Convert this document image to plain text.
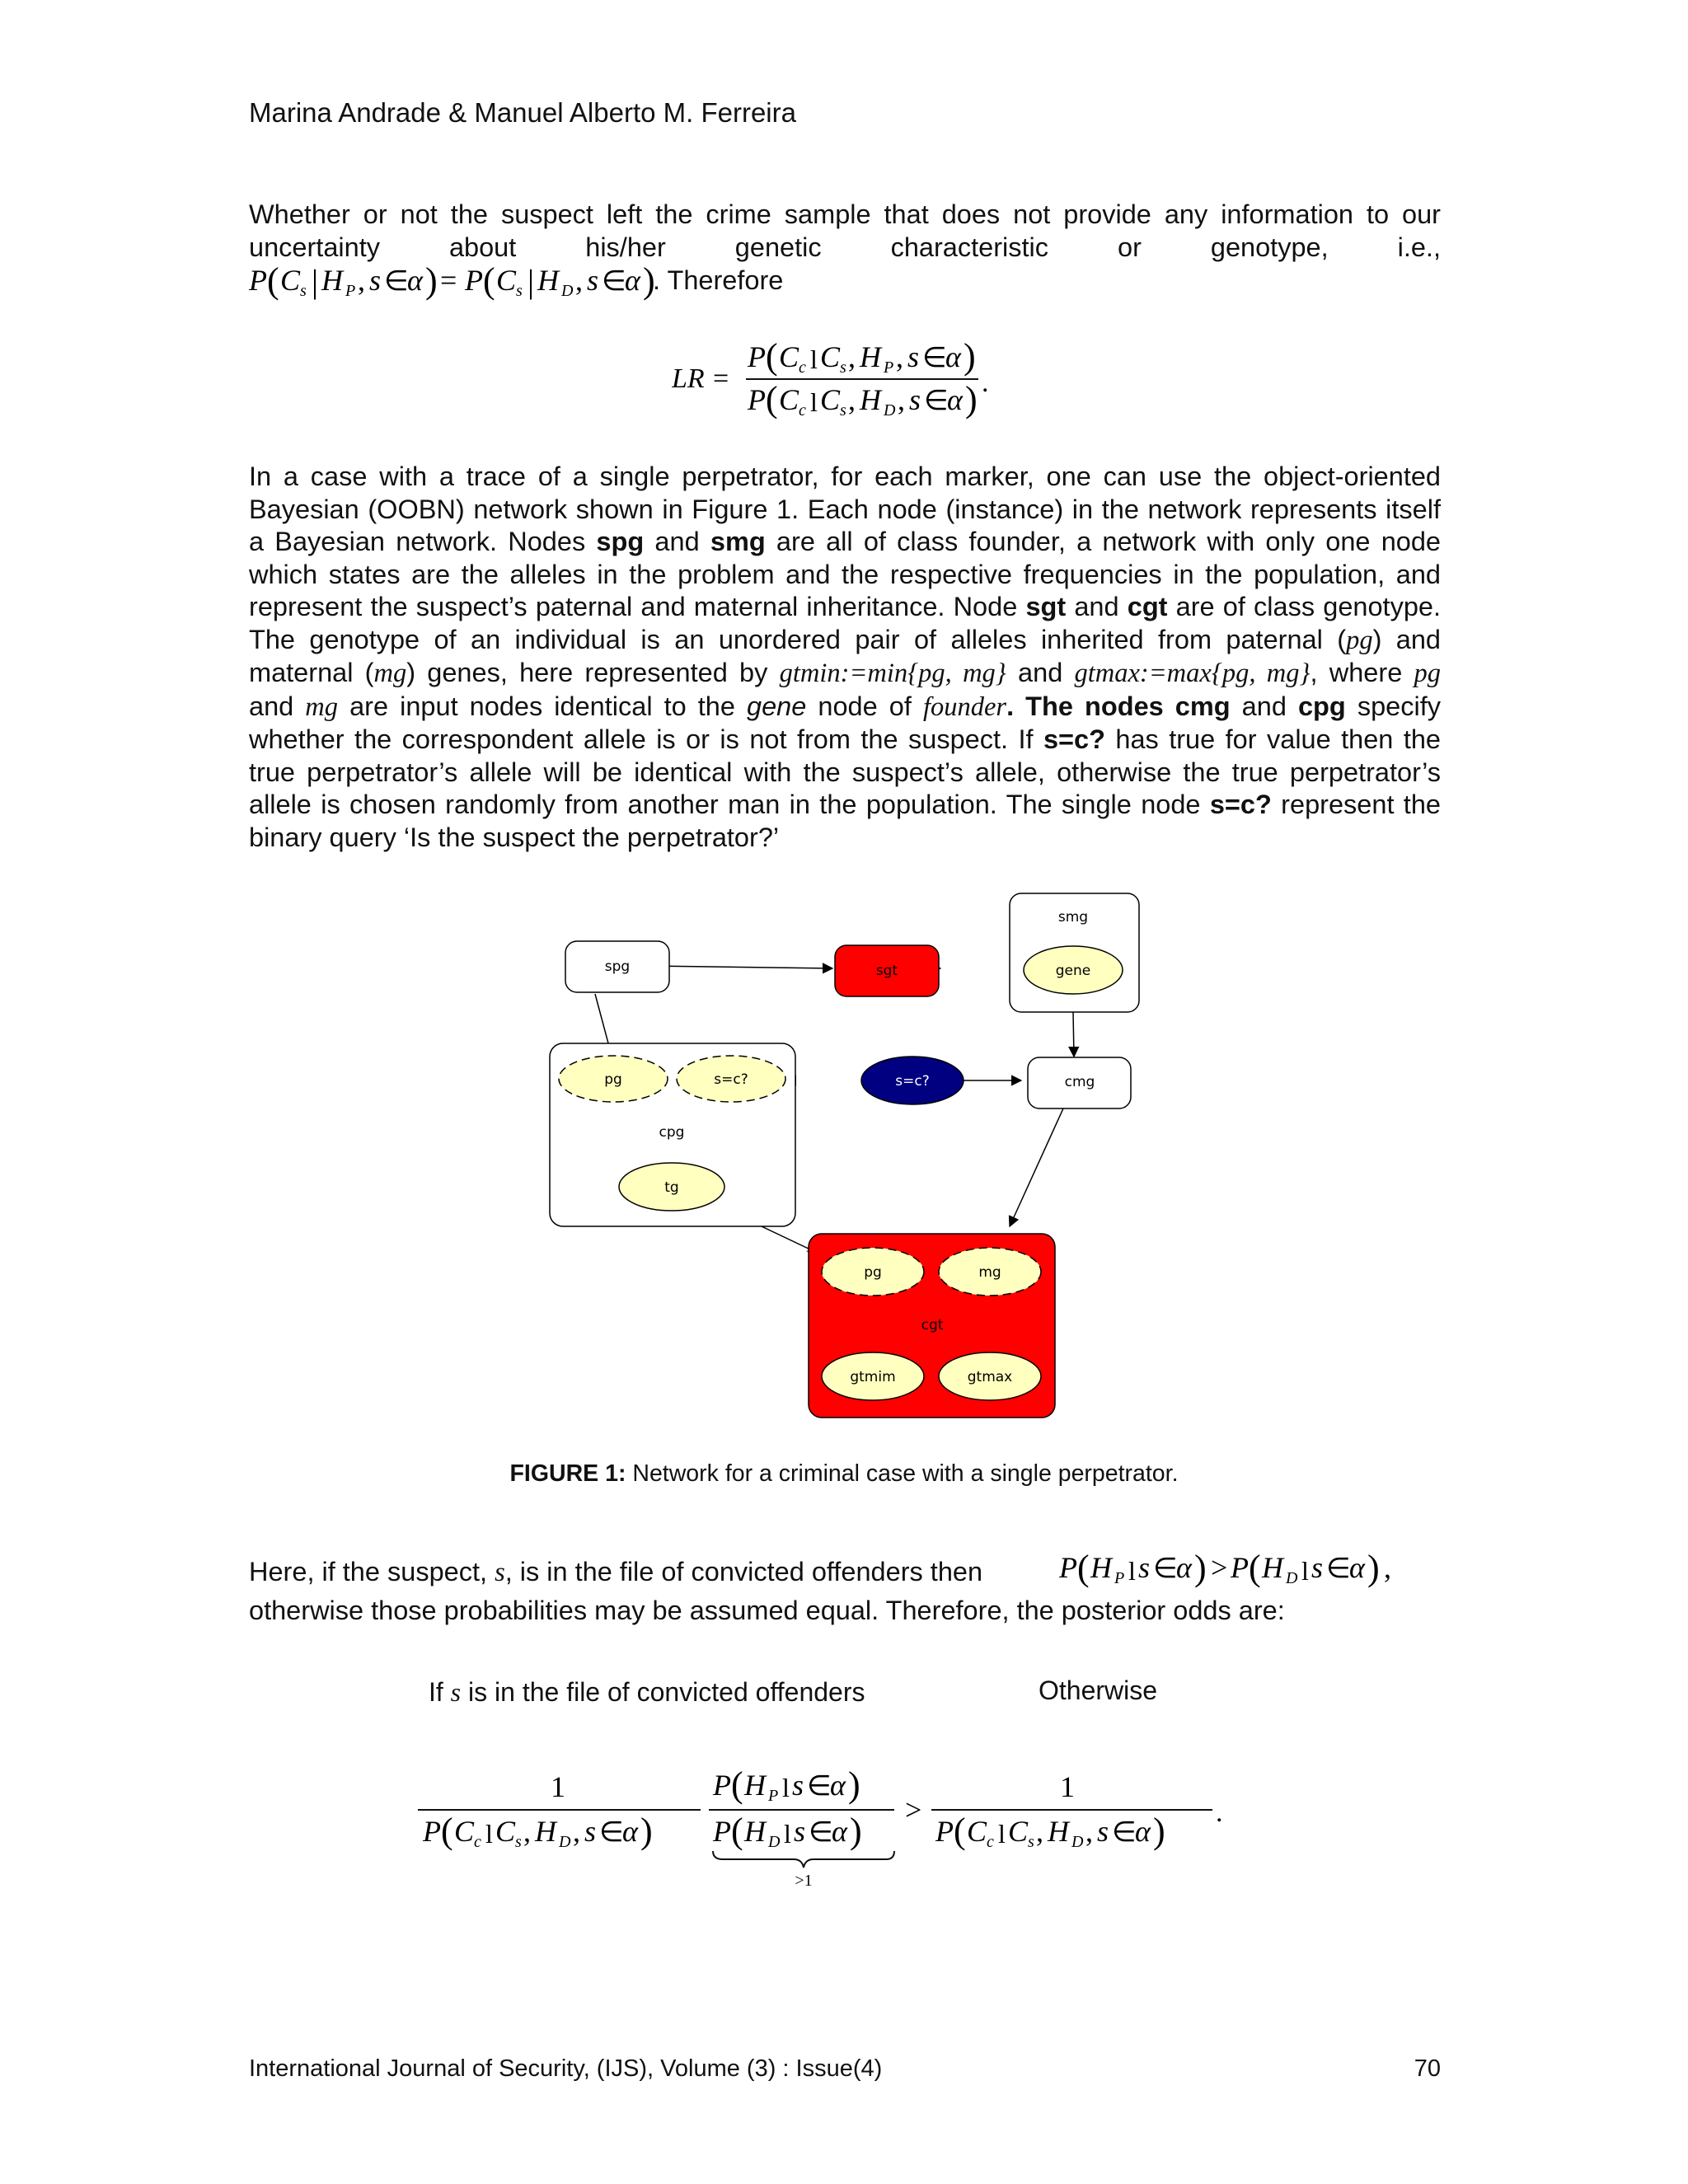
Marina Andrade & Manuel Alberto M. Ferreira
Whether or not the suspect left the crime sample that does not provide any information to our
uncertainty	about	his/her	genetic	characteristic	or	genotype,	i.e.,
P ( C s | H P , s ∈
α ) = P ( C s | H D , s ∈
α )
. Therefore
LR =
P ( C c l C s , H P , s ∈
α )
P ( C c l C s , H D , s ∈
α ) .

In a case with a trace of a single perpetrator, for each marker, one can use the object-oriented Bayesian (OOBN) network shown in Figure 1. Each node (instance) in the network represents itself a Bayesian network. Nodes spg and smg are all of class founder, a network with only one node which states are the alleles in the problem and the respective frequencies in the population, and represent the suspect’s paternal and maternal inheritance. Node sgt and cgt are of class genotype. The genotype of an individual is an unordered pair of alleles inherited from paternal (pg) and maternal (mg) genes, here represented by gtmin:=min{pg, mg} and gtmax:=max{pg, mg}, where pg and mg are input nodes identical to the gene node of founder. The nodes cmg and cpg specify whether the correspondent allele is or is not from the suspect. If s=c? has true for value then the true perpetrator’s allele will be identical with the suspect’s allele, otherwise the true perpetrator’s allele is chosen randomly from another man in the population. The single node s=c? represent the binary query ‘Is the suspect the perpetrator?’

spg	sgt
smg
gene
pg	s=c?
cpg
tg
s=c?	cmg
pg	mg
cgt
gtmim	gtmax
FIGURE 1: Network for a criminal case with a single perpetrator.
Here, if the suspect, s, is in the file of convicted offenders then	P ( H P l s ∈
α ) > P ( H D l s ∈
α ) ,
otherwise those probabilities may be assumed equal. Therefore, the posterior odds are:
If s is in the file of convicted offenders	Otherwise
1
P ( C c l C s , H D , s ∈
α )
P ( H P l s ∈
α )
P ( H D l s ∈
α )
>1
>
1
P ( C c l C s , H D , s ∈
α ) .
International Journal of Security, (IJS), Volume (3) : Issue(4)	70
